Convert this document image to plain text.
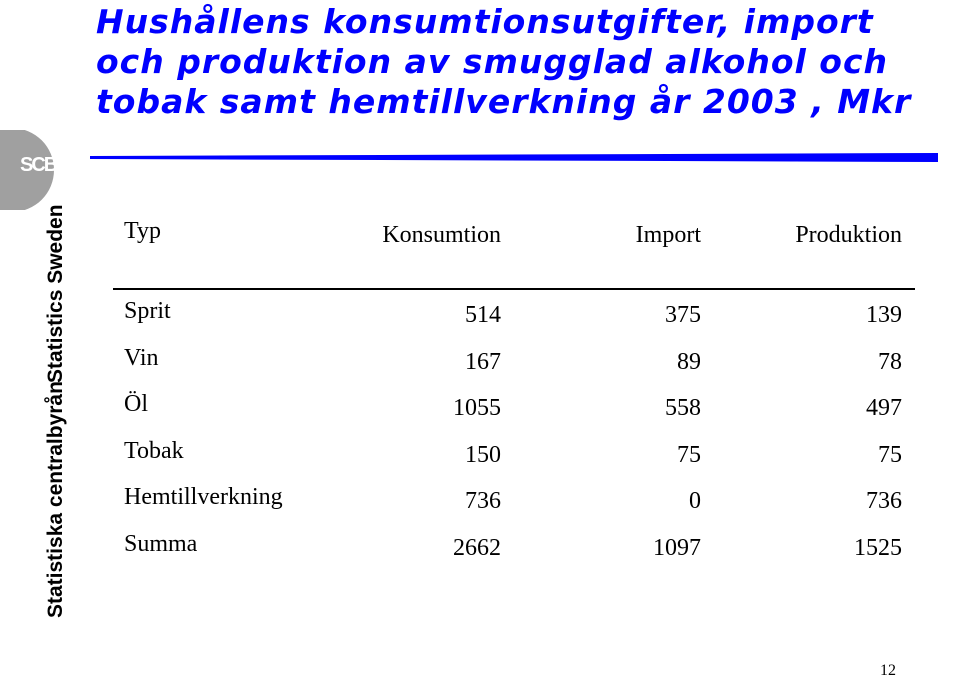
Hushållens konsumtionsutgifter, import
och produktion av smugglad alkohol och
tobak samt hemtillverkning år 2003 , Mkr
SCB
Statistics Sweden
Statistiska centralbyrån
Typ	Konsumtion	Import	Produktion
Sprit	514	375	139
Vin	167	89	78
Öl	1055	558	497
Tobak	150	75	75
Hemtillverkning	736	0	736
Summa	2662	1097	1525
12
